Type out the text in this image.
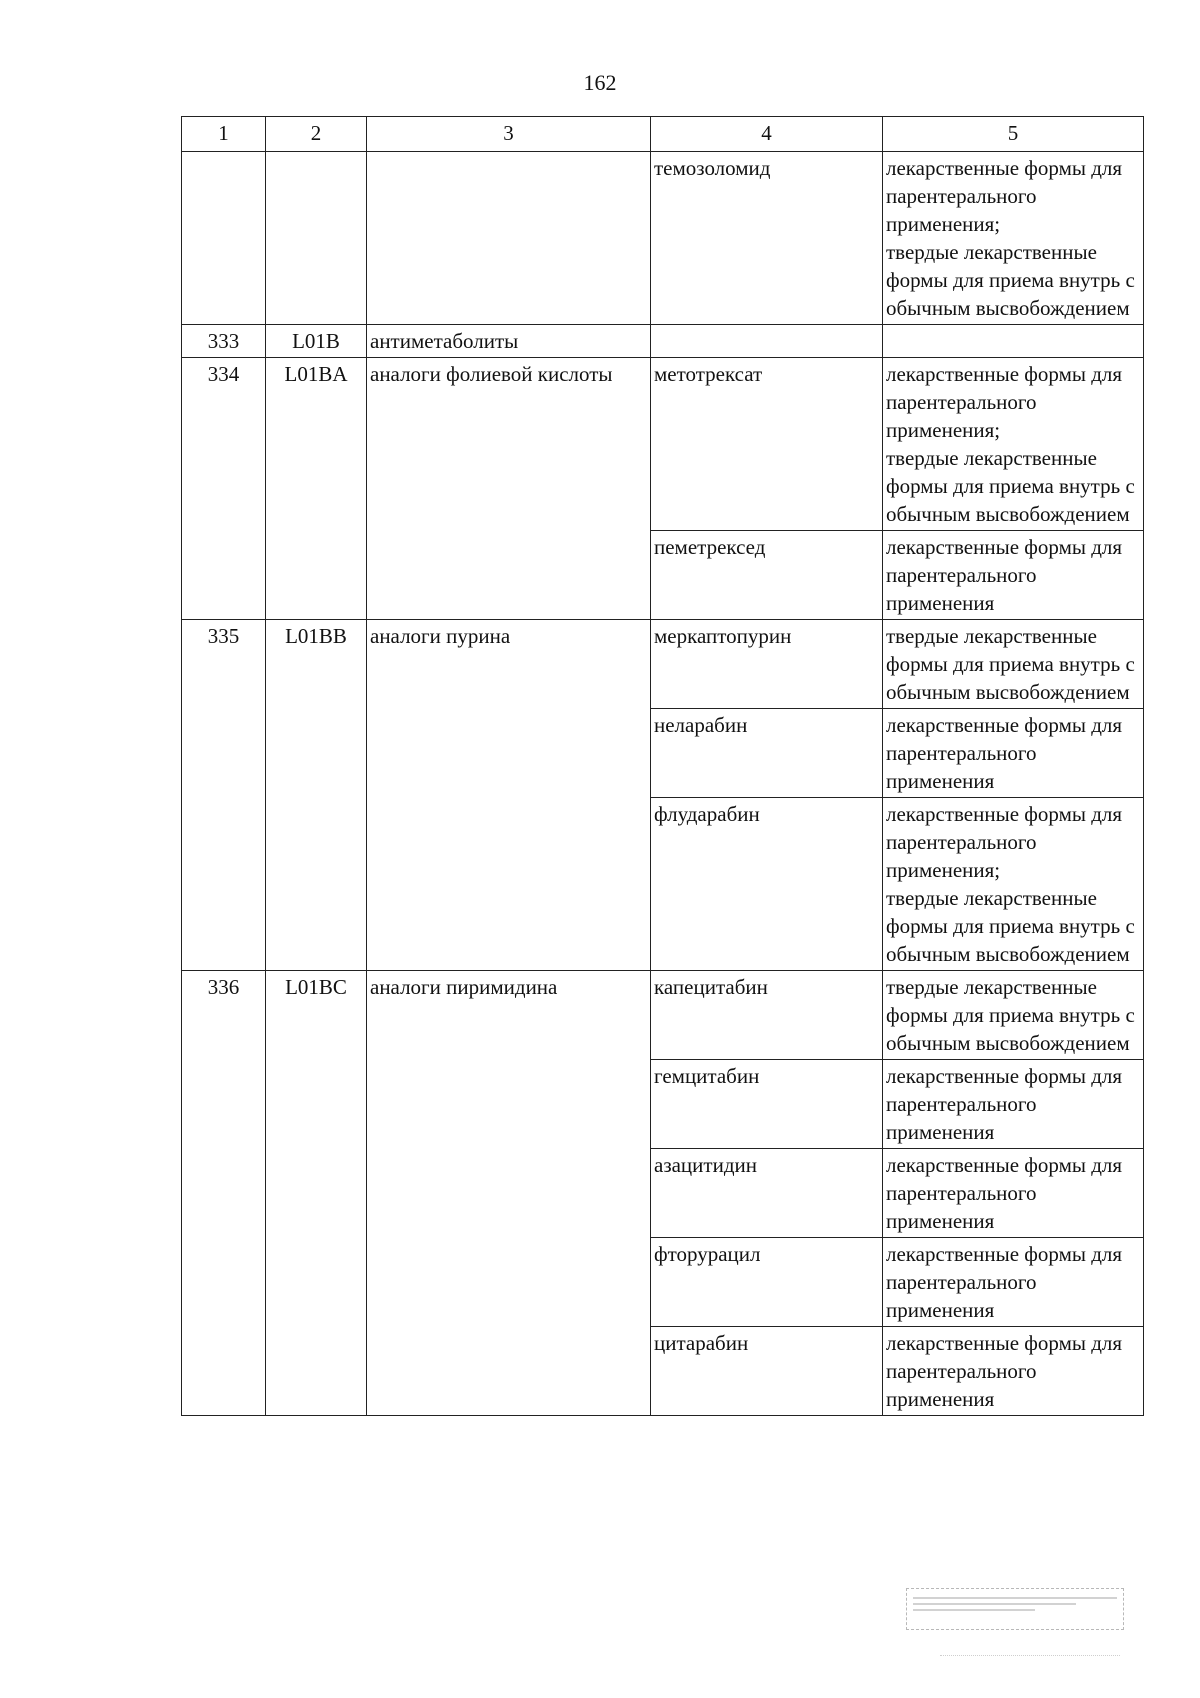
162
1	2	3	4	5
			темозоломид	лекарственные формы для парентерального применения;
твердые лекарственные формы для приема внутрь с обычным высвобождением

333	L01B	антиметаболиты		
334	L01BA	аналоги фолиевой кислоты	метотрексат	лекарственные формы для парентерального применения;
твердые лекарственные формы для приема внутрь с обычным высвобождением

			пеметрексед	лекарственные формы для парентерального применения

335	L01BB	аналоги пурина	меркаптопурин	твердые лекарственные формы для приема внутрь с обычным высвобождением

			неларабин	лекарственные формы для парентерального применения

			флударабин	лекарственные формы для парентерального применения;
твердые лекарственные формы для приема внутрь с обычным высвобождением

336	L01BC	аналоги пиримидина	капецитабин	твердые лекарственные формы для приема внутрь с обычным высвобождением

			гемцитабин	лекарственные формы для парентерального применения

			азацитидин	лекарственные формы для парентерального применения

			фторурацил	лекарственные формы для парентерального применения

			цитарабин	лекарственные формы для парентерального применения
